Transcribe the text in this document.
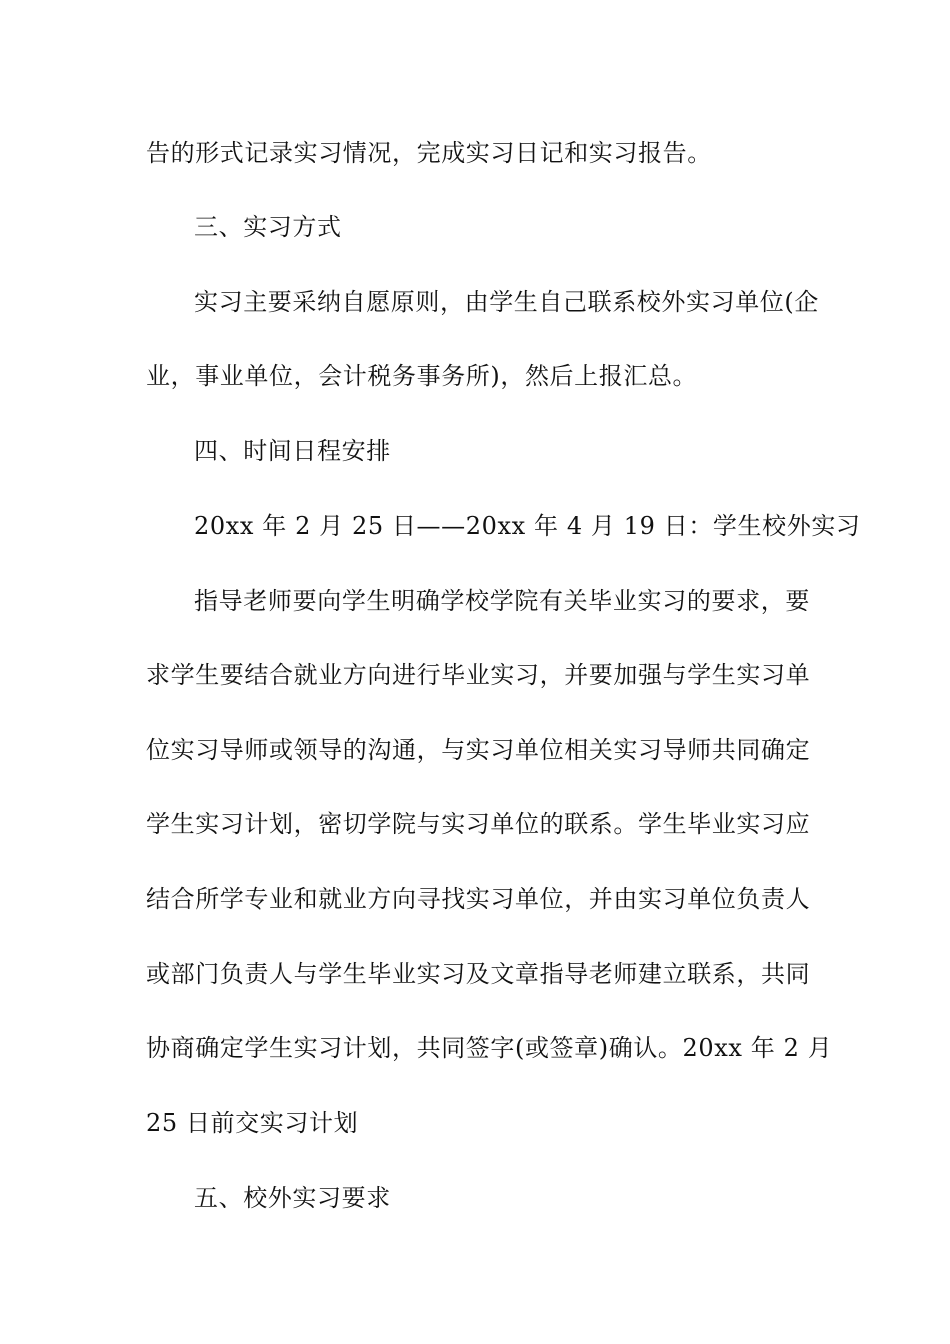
告的形式记录实习情况，完成实习日记和实习报告。
三、实习方式
实习主要采纳自愿原则，由学生自己联系校外实习单位(企
业，事业单位，会计税务事务所)，然后上报汇总。
四、时间日程安排
20xx 年 2 月 25 日——20xx 年 4 月 19 日：学生校外实习
指导老师要向学生明确学校学院有关毕业实习的要求，要
求学生要结合就业方向进行毕业实习，并要加强与学生实习单
位实习导师或领导的沟通，与实习单位相关实习导师共同确定
学生实习计划，密切学院与实习单位的联系。学生毕业实习应
结合所学专业和就业方向寻找实习单位，并由实习单位负责人
或部门负责人与学生毕业实习及文章指导老师建立联系，共同
协商确定学生实习计划，共同签字(或签章)确认。20xx 年 2 月
25 日前交实习计划
五、校外实习要求
